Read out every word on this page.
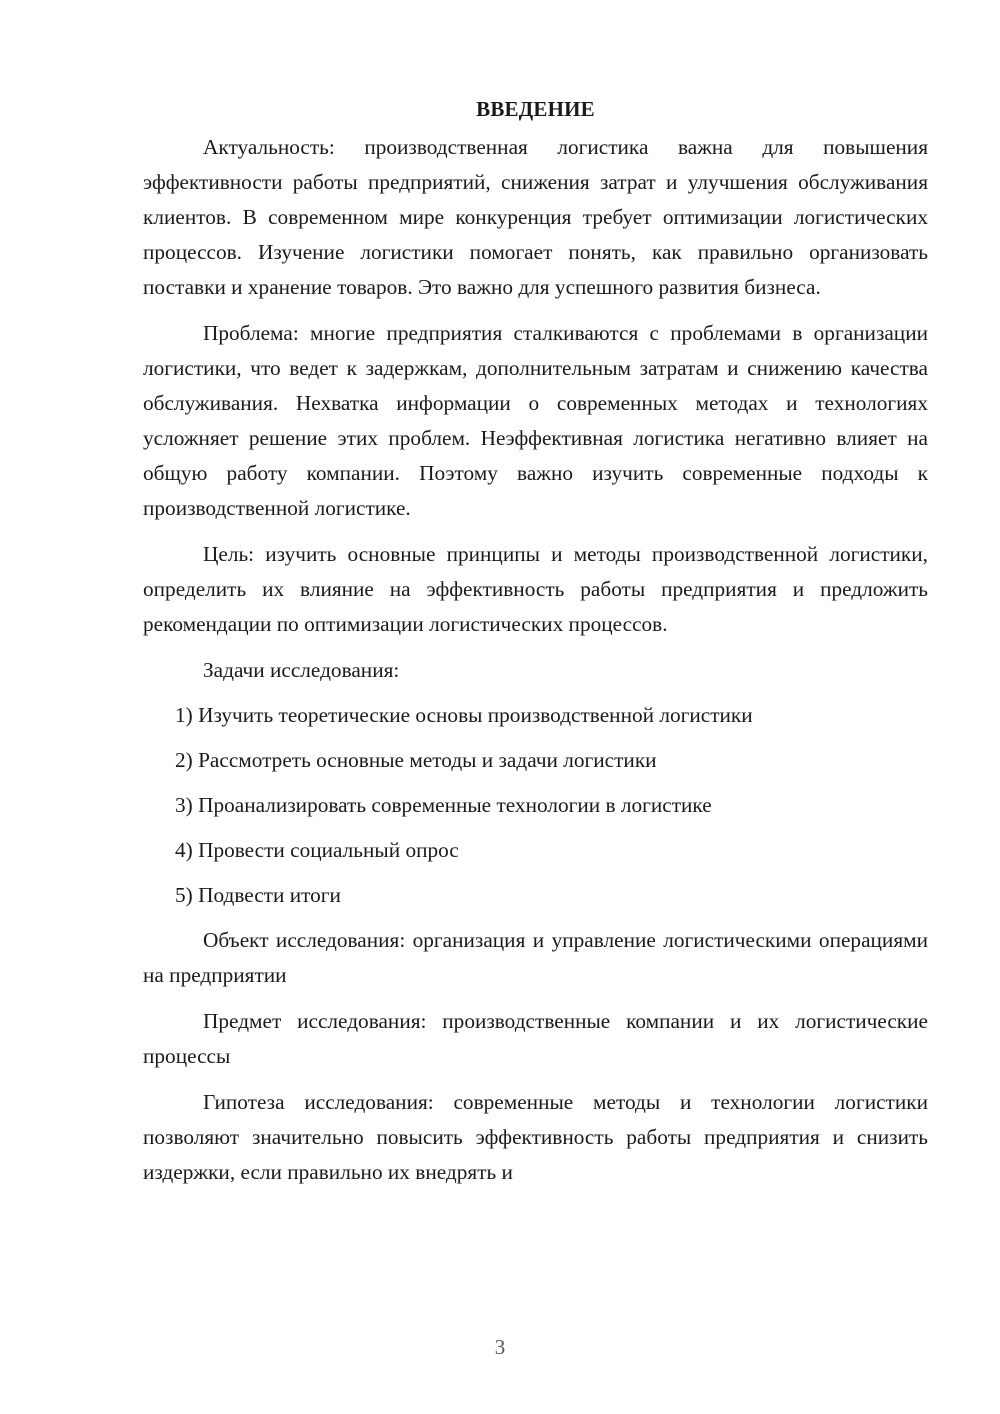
ВВЕДЕНИЕ

Актуальность: производственная логистика важна для повышения эффективности работы предприятий, снижения затрат и улучшения обслуживания клиентов. В современном мире конкуренция требует оптимизации логистических процессов. Изучение логистики помогает понять, как правильно организовать поставки и хранение товаров. Это важно для успешного развития бизнеса.

Проблема: многие предприятия сталкиваются с проблемами в организации логистики, что ведет к задержкам, дополнительным затратам и снижению качества обслуживания. Нехватка информации о современных методах и технологиях усложняет решение этих проблем. Неэффективная логистика негативно влияет на общую работу компании. Поэтому важно изучить современные подходы к производственной логистике.

Цель: изучить основные принципы и методы производственной логистики, определить их влияние на эффективность работы предприятия и предложить рекомендации по оптимизации логистических процессов.

Задачи исследования:

1) Изучить теоретические основы производственной логистики
2) Рассмотреть основные методы и задачи логистики
3) Проанализировать современные технологии в логистике
4) Провести социальный опрос
5) Подвести итоги

Объект исследования: организация и управление логистическими операциями на предприятии

Предмет исследования: производственные компании и их логистические процессы

Гипотеза исследования: современные методы и технологии логистики позволяют значительно повысить эффективность работы предприятия и снизить издержки, если правильно их внедрять и

3
